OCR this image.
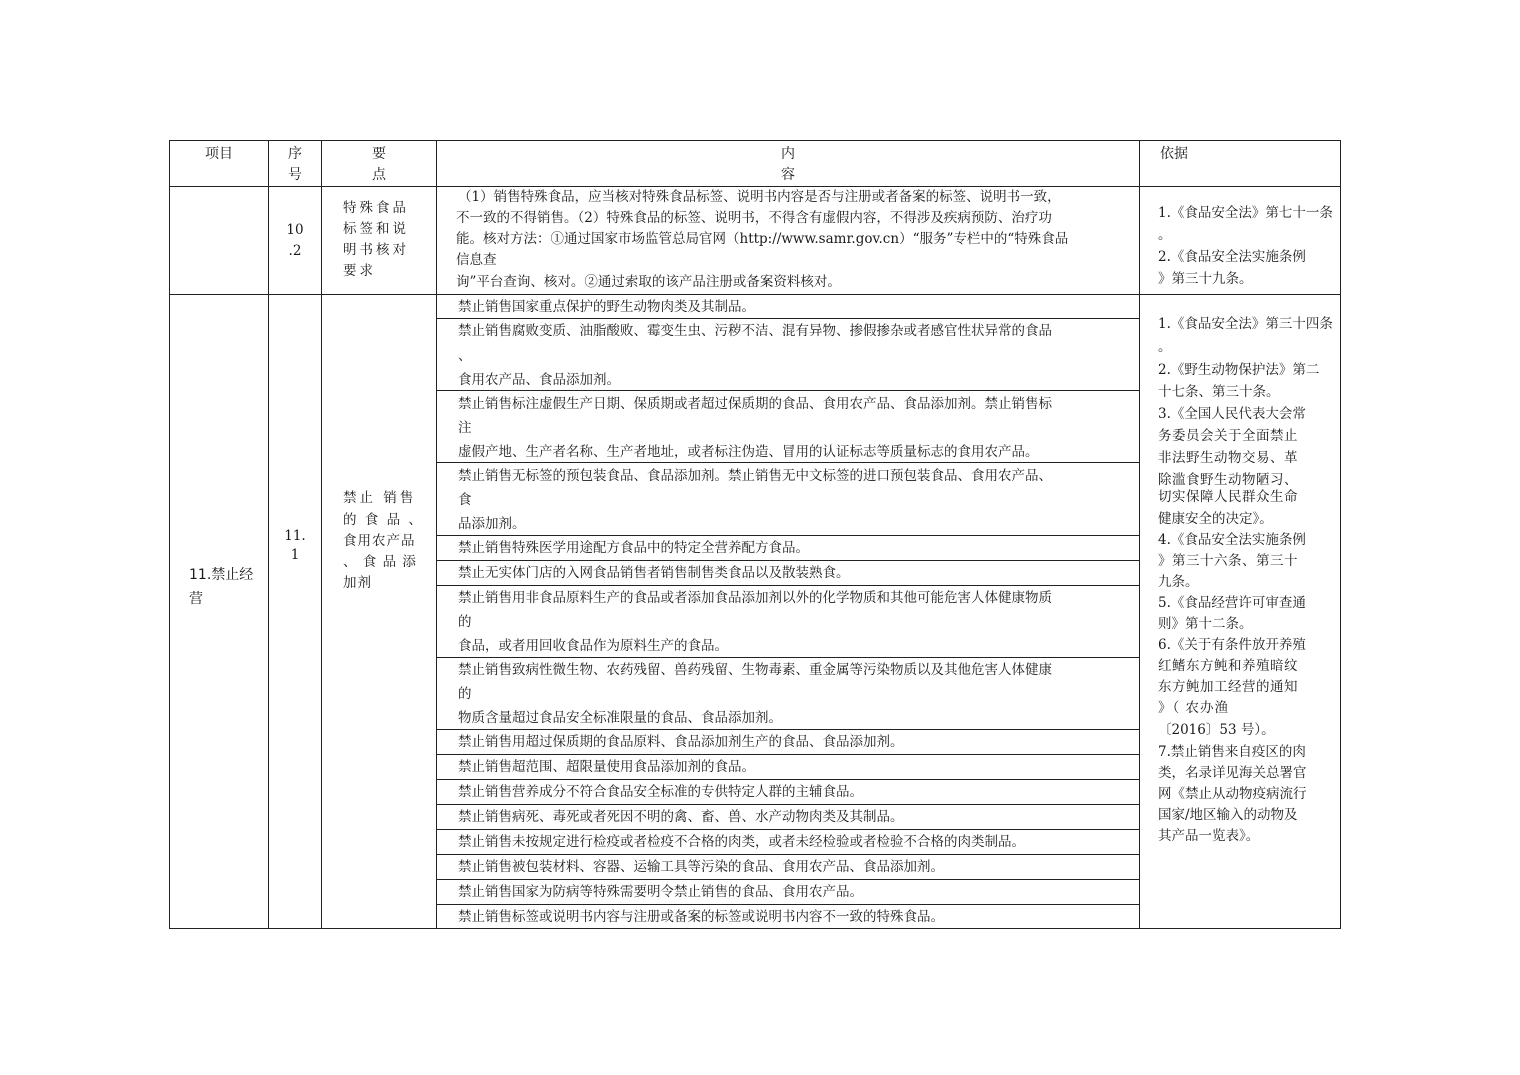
项目	序
号
要
点
内
容
依据
10
.2
特殊食品
标签和说
明书核对
要求
（1）销售特殊食品，应当核对特殊食品标签、说明书内容是否与注册或者备案的标签、说明书一致，
不一致的不得销售。（2）特殊食品的标签、说明书，不得含有虚假内容，不得涉及疾病预防、治疗功
能。核对方法：①通过国家市场监管总局官网（http://www.samr.gov.cn）“服务”专栏中的“特殊食品
信息查
询”平台查询、核对。②通过索取的该产品注册或备案资料核对。
1.《食品安全法》第七十一条
。
2.《食品安全法实施条例
》第三十九条。
11.禁止经
营
11.
1
禁止 销售
的 食 品 、
食用农产品
、 食 品 添
加剂
禁止销售国家重点保护的野生动物肉类及其制品。
禁止销售腐败变质、油脂酸败、霉变生虫、污秽不洁、混有异物、掺假掺杂或者感官性状异常的食品
、
食用农产品、食品添加剂。
禁止销售标注虚假生产日期、保质期或者超过保质期的食品、食用农产品、食品添加剂。禁止销售标
注
虚假产地、生产者名称、生产者地址，或者标注伪造、冒用的认证标志等质量标志的食用农产品。
禁止销售无标签的预包装食品、食品添加剂。禁止销售无中文标签的进口预包装食品、食用农产品、
食
品添加剂。
禁止销售特殊医学用途配方食品中的特定全营养配方食品。
禁止无实体门店的入网食品销售者销售制售类食品以及散装熟食。
禁止销售用非食品原料生产的食品或者添加食品添加剂以外的化学物质和其他可能危害人体健康物质
的
食品，或者用回收食品作为原料生产的食品。
禁止销售致病性微生物、农药残留、兽药残留、生物毒素、重金属等污染物质以及其他危害人体健康
的
物质含量超过食品安全标准限量的食品、食品添加剂。
禁止销售用超过保质期的食品原料、食品添加剂生产的食品、食品添加剂。
禁止销售超范围、超限量使用食品添加剂的食品。
禁止销售营养成分不符合食品安全标准的专供特定人群的主辅食品。
禁止销售病死、毒死或者死因不明的禽、畜、兽、水产动物肉类及其制品。
禁止销售未按规定进行检疫或者检疫不合格的肉类，或者未经检验或者检验不合格的肉类制品。
禁止销售被包装材料、容器、运输工具等污染的食品、食用农产品、食品添加剂。
禁止销售国家为防病等特殊需要明令禁止销售的食品、食用农产品。
禁止销售标签或说明书内容与注册或备案的标签或说明书内容不一致的特殊食品。
1.《食品安全法》第三十四条
。
2.《野生动物保护法》第二
十七条、第三十条。
3.《全国人民代表大会常
务委员会关于全面禁止
非法野生动物交易、革
除滥食野生动物陋习、
切实保障人民群众生命
健康安全的决定》。
4.《食品安全法实施条例
》第三十六条、第三十
九条。
5.《食品经营许可审查通
则》第十二条。
6.《关于有条件放开养殖
红鳍东方鲀和养殖暗纹
东方鲀加工经营的通知
》（ 农办渔
〔2016〕53 号）。
7.禁止销售来自疫区的肉
类，名录详见海关总署官
网《禁止从动物疫病流行
国家/地区输入的动物及
其产品一览表》。
